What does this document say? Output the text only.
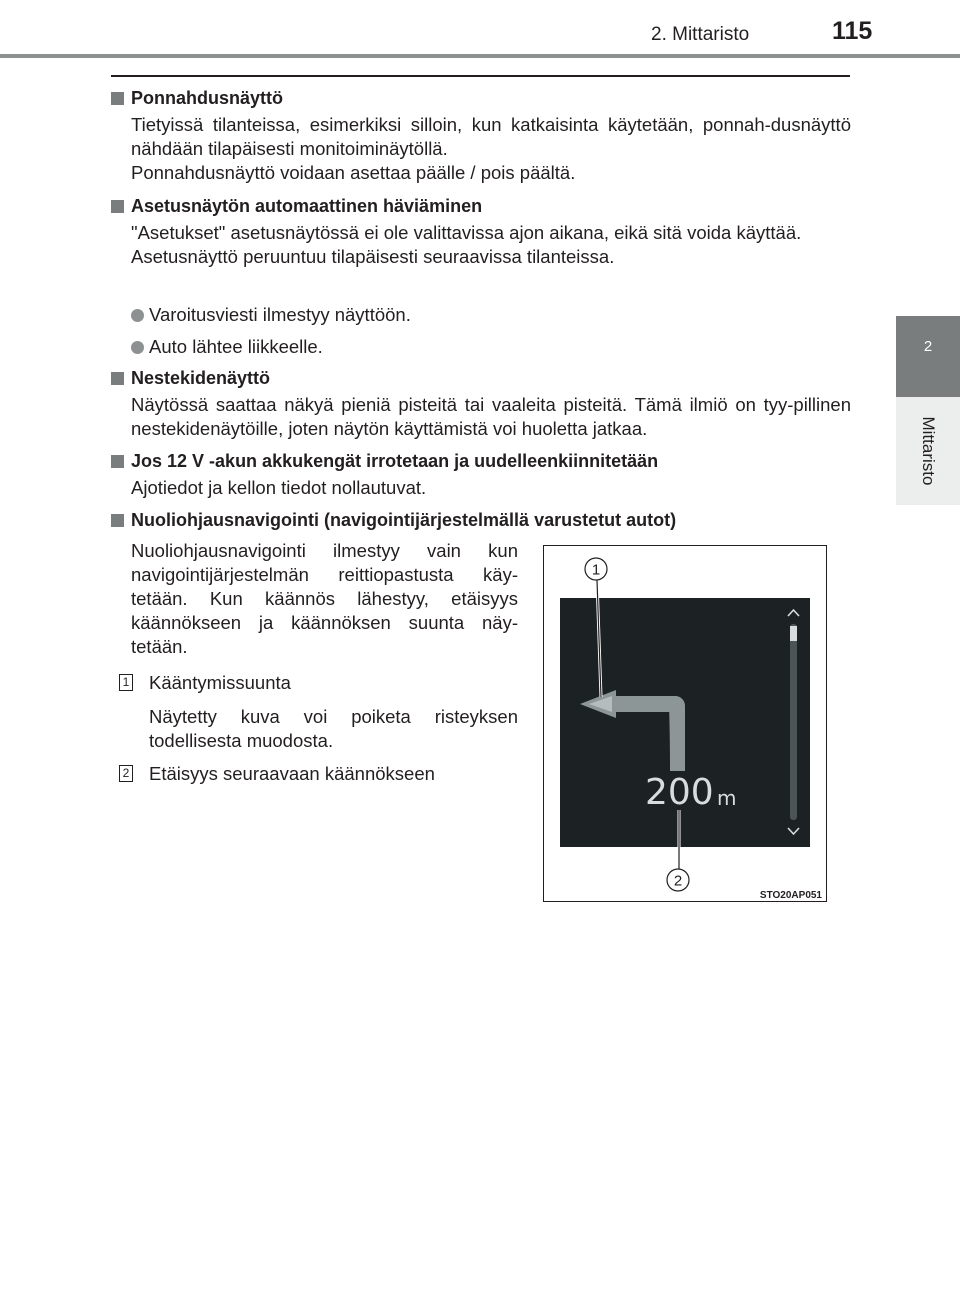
2. Mittaristo	115
2
Mittaristo
Ponnahdusnäyttö
Tietyissä tilanteissa, esimerkiksi silloin, kun katkaisinta käytetään, ponnah-dusnäyttö nähdään tilapäisesti monitoiminäytöllä.
Ponnahdusnäyttö voidaan asettaa päälle / pois päältä.
Asetusnäytön automaattinen häviäminen
"Asetukset" asetusnäytössä ei ole valittavissa ajon aikana, eikä sitä voida käyttää.
Asetusnäyttö peruuntuu tilapäisesti seuraavissa tilanteissa.
Varoitusviesti ilmestyy näyttöön.
Auto lähtee liikkeelle.
Nestekidenäyttö
Näytössä saattaa näkyä pieniä pisteitä tai vaaleita pisteitä. Tämä ilmiö on tyy-pillinen nestekidenäytöille, joten näytön käyttämistä voi huoletta jatkaa.
Jos 12 V -akun akkukengät irrotetaan ja uudelleenkiinnitetään
Ajotiedot ja kellon tiedot nollautuvat.
Nuoliohjausnavigointi (navigointijärjestelmällä varustetut autot)
Nuoliohjausnavigointi ilmestyy vain kun navigointijärjestelmän reittiopastusta käy-tetään. Kun käännös lähestyy, etäisyys käännökseen ja käännöksen suunta näy-tetään.
1 Kääntymissuunta
Näytetty kuva voi poiketa risteyksen todellisesta muodosta.
2 Etäisyys seuraavaan käännökseen
1
2
200 m
STO20AP051
